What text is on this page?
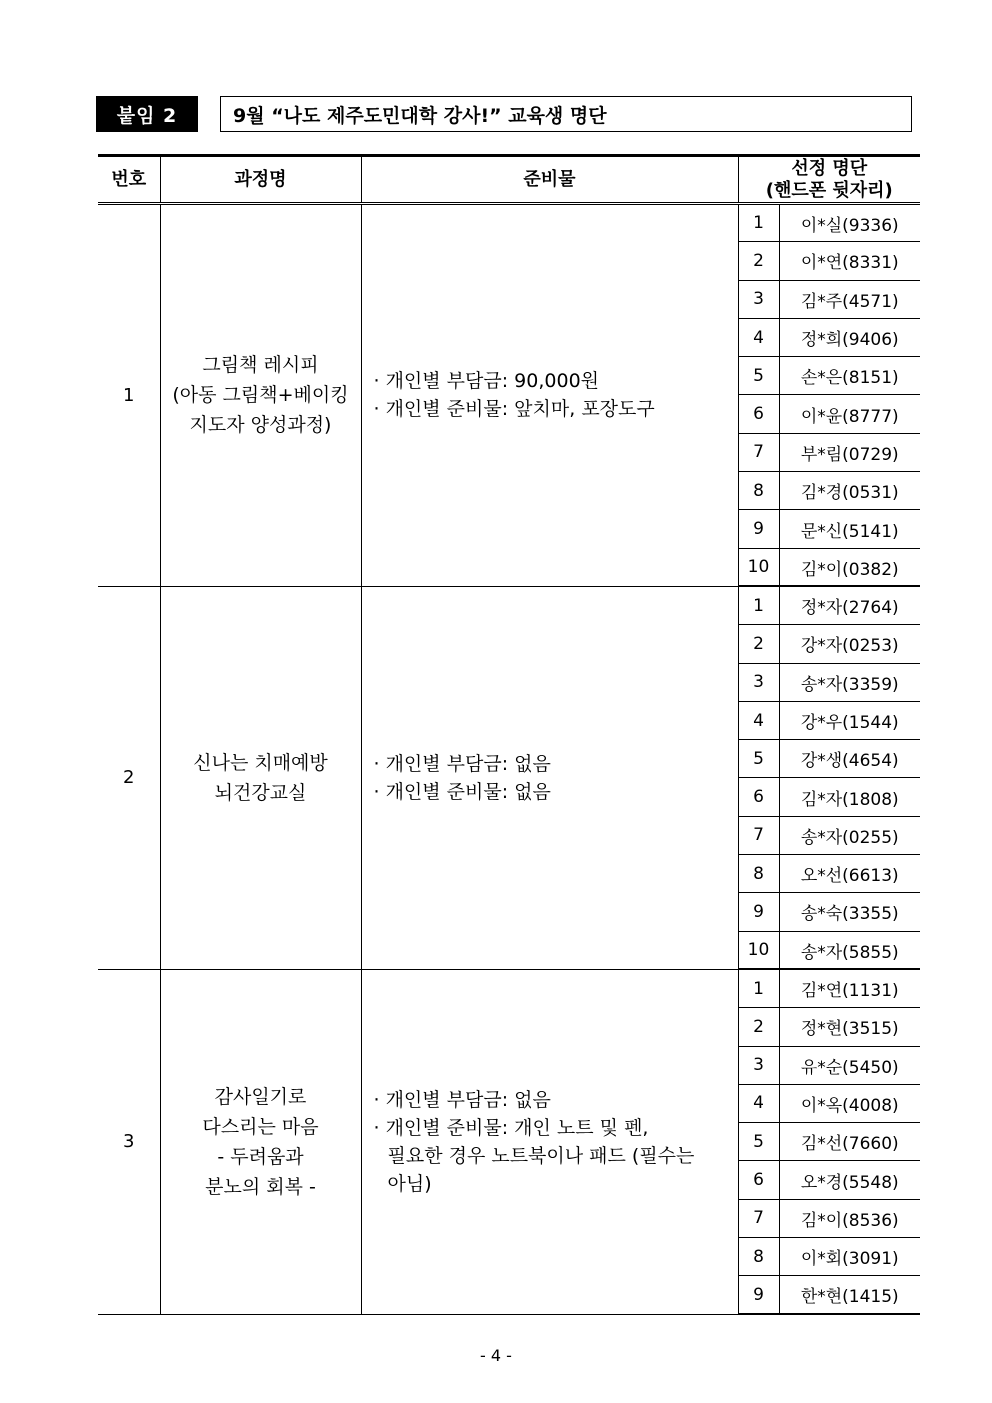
붙임 2	9월 “나도 제주도민대학 강사!” 교육생 명단
번호	과정명	준비물	선정 명단
(핸드폰 뒷자리)	

1	그림책 레시피
(아동 그림책+베이킹
지도자 양성과정)	· 개인별 부담금: 90,000원
· 개인별 준비물: 앞치마, 포장도구	1	이*실(9336)
			2	이*연(8331)
			3	김*주(4571)
			4	정*희(9406)
			5	손*은(8151)
			6	이*윤(8777)
			7	부*림(0729)
			8	김*경(0531)
			9	문*신(5141)
			10	김*이(0382)
2	신나는 치매예방
뇌건강교실	· 개인별 부담금: 없음
· 개인별 준비물: 없음	1	정*자(2764)
			2	강*자(0253)
			3	송*자(3359)
			4	강*우(1544)
			5	강*생(4654)
			6	김*자(1808)
			7	송*자(0255)
			8	오*선(6613)
			9	송*숙(3355)
			10	송*자(5855)
3	감사일기로
다스리는 마음
- 두려움과
분노의 회복 -	· 개인별 부담금: 없음
· 개인별 준비물: 개인 노트 및 펜,
필요한 경우 노트북이나 패드 (필수는
아님)	1	김*연(1131)
			2	정*현(3515)
			3	유*순(5450)
			4	이*옥(4008)
			5	김*선(7660)
			6	오*경(5548)
			7	김*이(8536)
			8	이*회(3091)
			9	한*현(1415)
- 4 -
